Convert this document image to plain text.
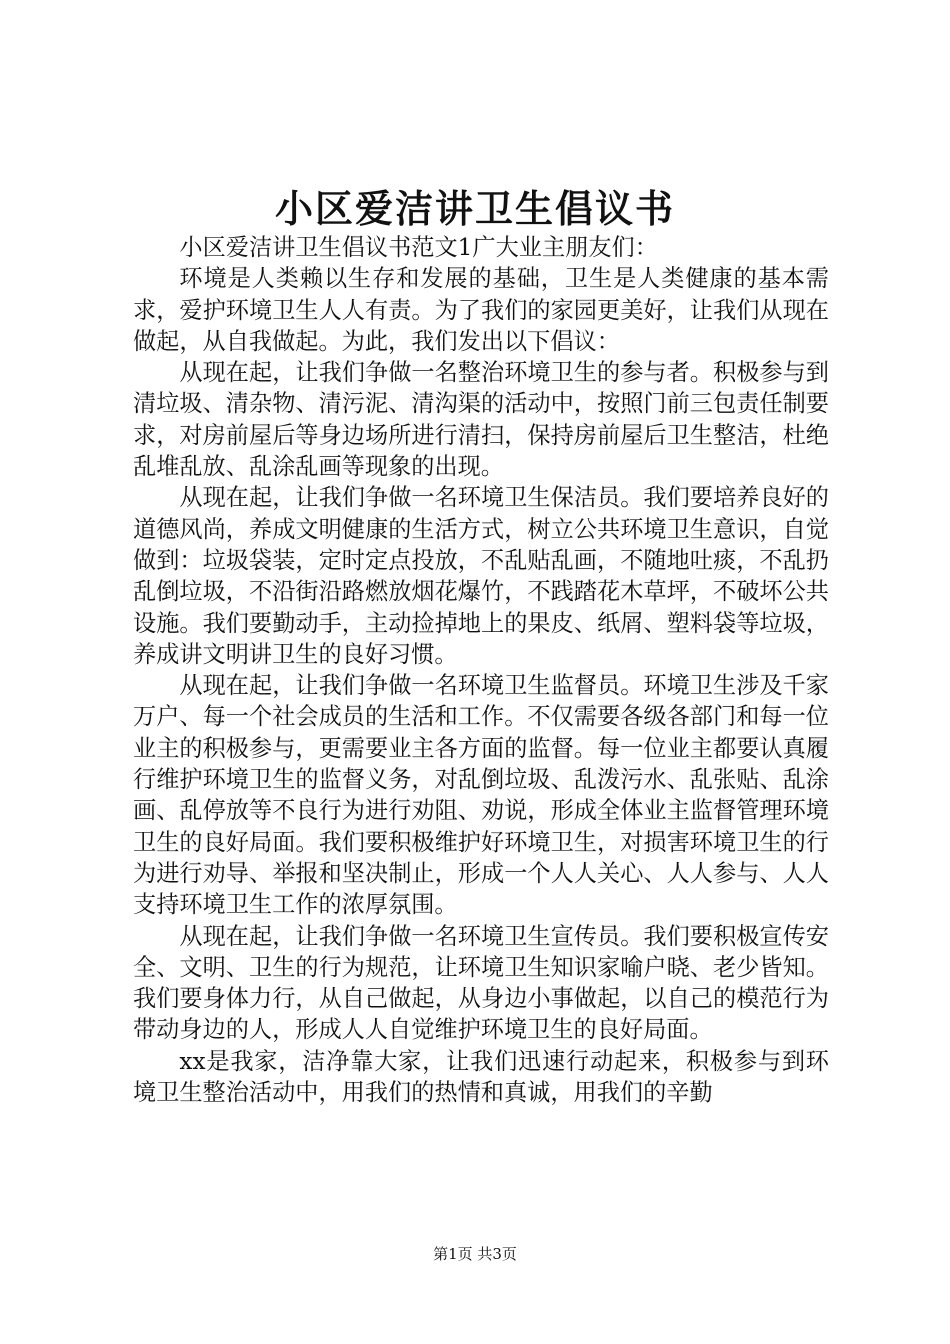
小区爱洁讲卫生倡议书

小区爱洁讲卫生倡议书范文1广大业主朋友们：

环境是人类赖以生存和发展的基础，卫生是人类健康的基本需求，爱护环境卫生人人有责。为了我们的家园更美好，让我们从现在做起，从自我做起。为此，我们发出以下倡议：

从现在起，让我们争做一名整治环境卫生的参与者。积极参与到清垃圾、清杂物、清污泥、清沟渠的活动中，按照门前三包责任制要求，对房前屋后等身边场所进行清扫，保持房前屋后卫生整洁，杜绝乱堆乱放、乱涂乱画等现象的出现。

从现在起，让我们争做一名环境卫生保洁员。我们要培养良好的道德风尚，养成文明健康的生活方式，树立公共环境卫生意识，自觉做到：垃圾袋装，定时定点投放，不乱贴乱画，不随地吐痰，不乱扔乱倒垃圾，不沿街沿路燃放烟花爆竹，不践踏花木草坪，不破坏公共设施。我们要勤动手，主动捡掉地上的果皮、纸屑、塑料袋等垃圾，养成讲文明讲卫生的良好习惯。

从现在起，让我们争做一名环境卫生监督员。环境卫生涉及千家万户、每一个社会成员的生活和工作。不仅需要各级各部门和每一位业主的积极参与，更需要业主各方面的监督。每一位业主都要认真履行维护环境卫生的监督义务，对乱倒垃圾、乱泼污水、乱张贴、乱涂画、乱停放等不良行为进行劝阻、劝说，形成全体业主监督管理环境卫生的良好局面。我们要积极维护好环境卫生，对损害环境卫生的行为进行劝导、举报和坚决制止，形成一个人人关心、人人参与、人人支持环境卫生工作的浓厚氛围。

从现在起，让我们争做一名环境卫生宣传员。我们要积极宣传安全、文明、卫生的行为规范，让环境卫生知识家喻户晓、老少皆知。我们要身体力行，从自己做起，从身边小事做起，以自己的模范行为带动身边的人，形成人人自觉维护环境卫生的良好局面。

xx是我家，洁净靠大家，让我们迅速行动起来，积极参与到环境卫生整治活动中，用我们的热情和真诚，用我们的辛勤

第1页 共3页
